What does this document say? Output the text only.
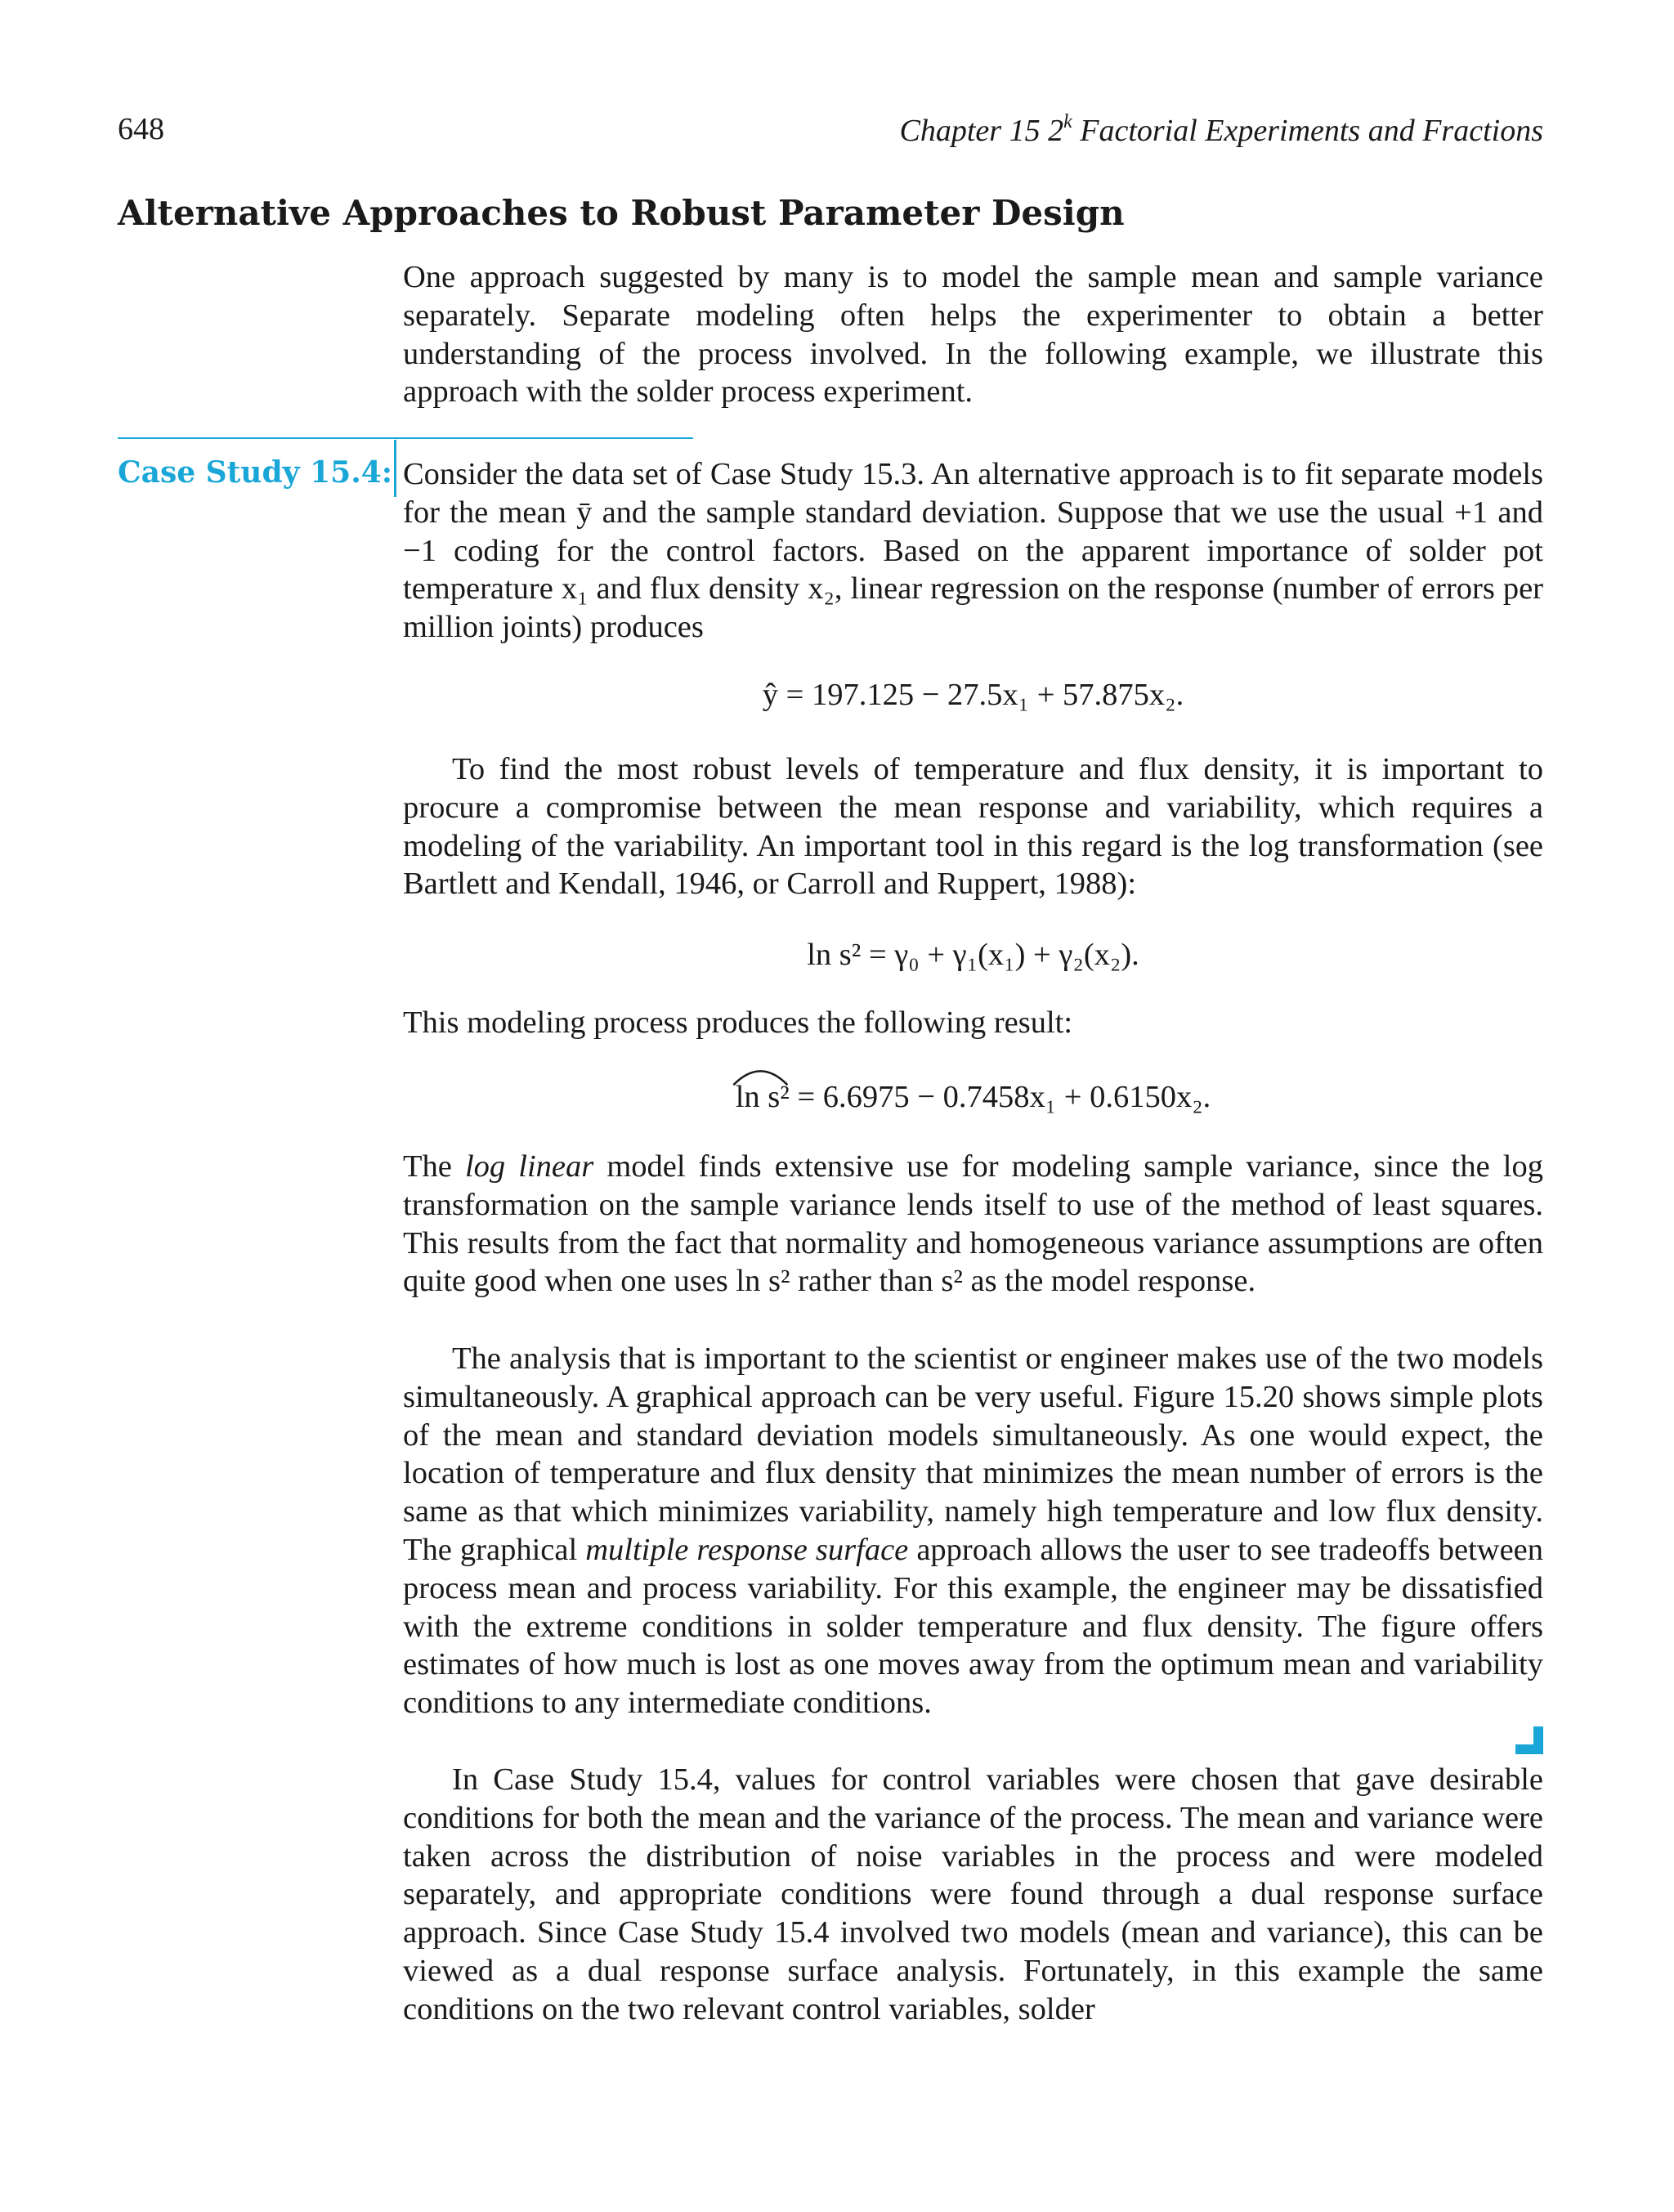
648	Chapter 15 2$^k$ Factorial Experiments and Fractions
Alternative Approaches to Robust Parameter Design

One approach suggested by many is to model the sample mean and sample variance separately. Separate modeling often helps the experimenter to obtain a better understanding of the process involved. In the following example, we illustrate this approach with the solder process experiment.

Case Study 15.4: Consider the data set of Case Study 15.3. An alternative approach is to fit separate models for the mean ȳ and the sample standard deviation. Suppose that we use the usual +1 and −1 coding for the control factors. Based on the apparent importance of solder pot temperature x₁ and flux density x₂, linear regression on the response (number of errors per million joints) produces

ŷ = 197.125 − 27.5x₁ + 57.875x₂.

To find the most robust levels of temperature and flux density, it is important to procure a compromise between the mean response and variability, which requires a modeling of the variability. An important tool in this regard is the log transformation (see Bartlett and Kendall, 1946, or Carroll and Ruppert, 1988):

ln s² = γ₀ + γ₁(x₁) + γ₂(x₂).

This modeling process produces the following result:

ln s² = 6.6975 − 0.7458x₁ + 0.6150x₂.

The log linear model finds extensive use for modeling sample variance, since the log transformation on the sample variance lends itself to use of the method of least squares. This results from the fact that normality and homogeneous variance assumptions are often quite good when one uses ln s² rather than s² as the model response.

The analysis that is important to the scientist or engineer makes use of the two models simultaneously. A graphical approach can be very useful. Figure 15.20 shows simple plots of the mean and standard deviation models simultaneously. As one would expect, the location of temperature and flux density that minimizes the mean number of errors is the same as that which minimizes variability, namely high temperature and low flux density. The graphical multiple response surface approach allows the user to see tradeoffs between process mean and process variability. For this example, the engineer may be dissatisfied with the extreme conditions in solder temperature and flux density. The figure offers estimates of how much is lost as one moves away from the optimum mean and variability conditions to any intermediate conditions.

In Case Study 15.4, values for control variables were chosen that gave desirable conditions for both the mean and the variance of the process. The mean and variance were taken across the distribution of noise variables in the process and were modeled separately, and appropriate conditions were found through a dual response surface approach. Since Case Study 15.4 involved two models (mean and variance), this can be viewed as a dual response surface analysis. Fortunately, in this example the same conditions on the two relevant control variables, solder
